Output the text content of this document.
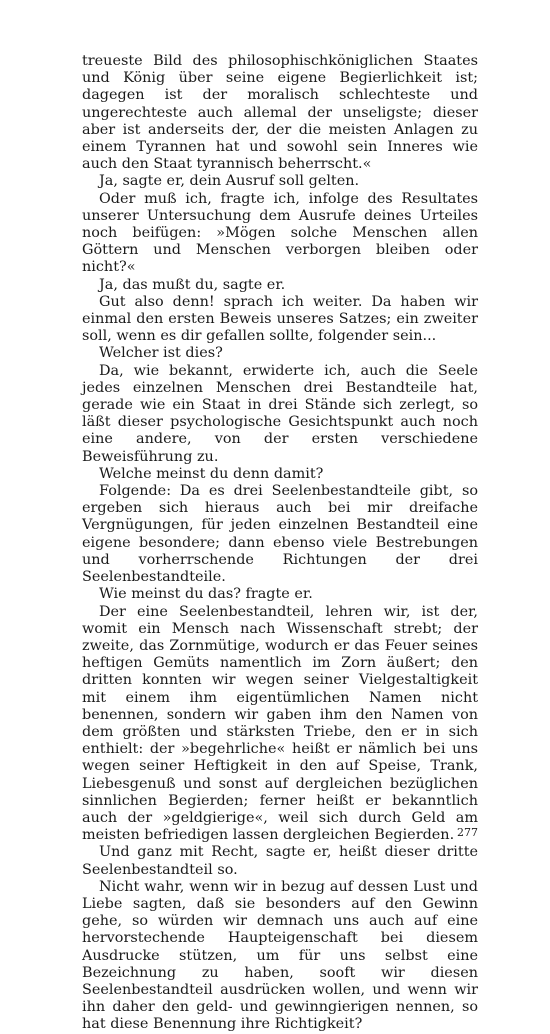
treueste Bild des philosophischköniglichen Staates und König über seine eigene Begierlichkeit ist; dagegen ist der moralisch schlechteste und ungerechteste auch allemal der unseligste; dieser aber ist anderseits der, der die meisten Anlagen zu einem Tyrannen hat und sowohl sein Inneres wie auch den Staat tyrannisch beherrscht.«

Ja, sagte er, dein Ausruf soll gelten.

Oder muß ich, fragte ich, infolge des Resultates unserer Untersuchung dem Ausrufe deines Urteiles noch beifügen: »Mögen solche Menschen allen Göttern und Menschen verborgen bleiben oder nicht?«

Ja, das mußt du, sagte er.

Gut also denn! sprach ich weiter. Da haben wir einmal den ersten Beweis unseres Satzes; ein zweiter soll, wenn es dir gefallen sollte, folgender sein...

Welcher ist dies?

Da, wie bekannt, erwiderte ich, auch die Seele jedes einzelnen Menschen drei Bestandteile hat, gerade wie ein Staat in drei Stände sich zerlegt, so läßt dieser psychologische Gesichtspunkt auch noch eine andere, von der ersten verschiedene Beweisführung zu.

Welche meinst du denn damit?

Folgende: Da es drei Seelenbestandteile gibt, so ergeben sich hieraus auch bei mir dreifache Vergnügungen, für jeden einzelnen Bestandteil eine eigene besondere; dann ebenso viele Bestrebungen und vorherrschende Richtungen der drei Seelenbestandteile.

Wie meinst du das? fragte er.

Der eine Seelenbestandteil, lehren wir, ist der, womit ein Mensch nach Wissenschaft strebt; der zweite, das Zornmütige, wodurch er das Feuer seines heftigen Gemüts namentlich im Zorn äußert; den dritten konnten wir wegen seiner Vielgestaltigkeit mit einem ihm eigentümlichen Namen nicht benennen, sondern wir gaben ihm den Namen von dem größten und stärksten Triebe, den er in sich enthielt: der »begehrliche« heißt er nämlich bei uns wegen seiner Heftigkeit in den auf Speise, Trank, Liebesgenuß und sonst auf dergleichen bezüglichen sinnlichen Begierden; ferner heißt er bekanntlich auch der »geldgierige«, weil sich durch Geld am meisten befriedigen lassen dergleichen Begierden.

Und ganz mit Recht, sagte er, heißt dieser dritte Seelenbestandteil so.

Nicht wahr, wenn wir in bezug auf dessen Lust und Liebe sagten, daß sie besonders auf den Gewinn gehe, so würden wir demnach uns auch auf eine hervorstechende Haupteigenschaft bei diesem Ausdrucke stützen, um für uns selbst eine Bezeichnung zu haben, sooft wir diesen Seelenbestandteil ausdrücken wollen, und wenn wir ihn daher den geld- und gewinngierigen nennen, so hat diese Benennung ihre Richtigkeit?

277
